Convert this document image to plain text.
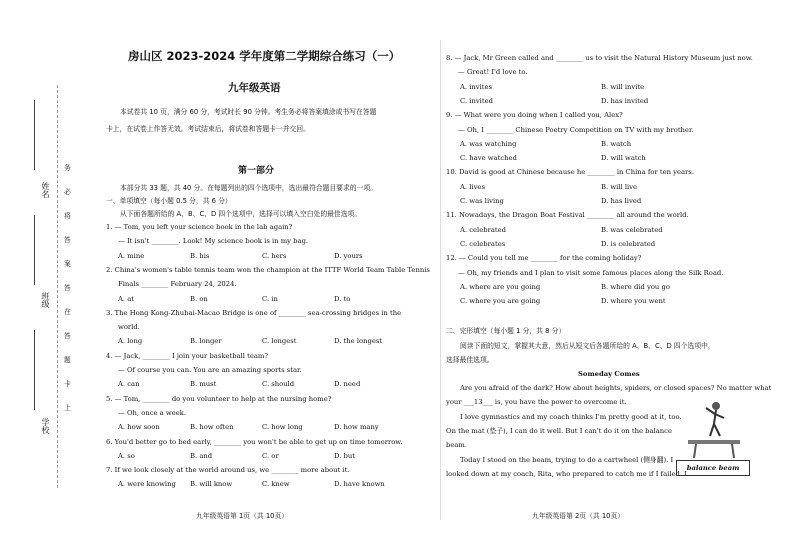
姓名
班级
学校
务
必
将
答
案
答
在
答
题
卡
上
房山区 2023-2024 学年度第二学期综合练习（一）
九年级英语
本试卷共 10 页，满分 60 分，考试时长 90 分钟。考生务必将答案填涂或书写在答题
卡上，在试卷上作答无效。考试结束后，将试卷和答题卡一并交回。
第一部分
本部分共 33 题，共 40 分。在每题列出的四个选项中，选出最符合题目要求的一项。
一、单项填空（每小题 0.5 分，共 6 分）
从下面各题所给的 A、B、C、D 四个选项中，选择可以填入空白处的最佳选项。
1. — Tom, you left your science book in the lab again?
— It isn't ________. Look! My science book is in my bag.
A. mine	B. his	C. hers	D. yours
2. China's women's table tennis team won the champion at the ITTF World Team Table Tennis
Finals ________ February 24, 2024.
A. at	B. on	C. in	D. to
3. The Hong Kong-Zhuhai-Macao Bridge is one of ________ sea-crossing bridges in the
world.
A. long	B. longer	C. longest	D. the longest
4. — Jack, ________ I join your basketball team?
— Of course you can. You are an amazing sports star.
A. can	B. must	C. should	D. need
5. — Tom, ________ do you volunteer to help at the nursing home?
— Oh, once a week.
A. how soon	B. how often	C. how long	D. how many
6. You'd better go to bed early, ________ you won't be able to get up on time tomorrow.
A. so	B. and	C. or	D. but
7. If we look closely at the world around us, we ________ more about it.
A. were knowing B. will know	C. knew	D. have known
8. — Jack, Mr Green called and ________ us to visit the Natural History Museum just now.
— Great! I'd love to.
A. invites	B. will invite
C. invited	D. has invited
9. — What were you doing when I called you, Alex?
— Oh, I ________ Chinese Poetry Competition on TV with my brother.
A. was watching	B. watch
C. have watched	D. will watch
10. David is good at Chinese because he ________ in China for ten years.
A. lives	B. will live
C. was living	D. has lived
11. Nowadays, the Dragon Boat Festival ________ all around the world.
A. celebrated	B. was celebrated
C. celebrates	D. is celebrated
12. — Could you tell me ________ for the coming holiday?
— Oh, my friends and I plan to visit some famous places along the Silk Road.
A. where are you going	B. where did you go
C. where you are going	D. where you went
二、完形填空（每小题 1 分，共 8 分）
阅读下面的短文，掌握其大意，然后从短文后各题所给的 A、B、C、D 四个选项中，
选择最佳选项。
Someday Comes
Are you afraid of the dark? How about heights, spiders, or closed spaces? No matter what
your ___13___ is, you have the power to overcome it.
I love gymnastics and my coach thinks I'm pretty good at it, too.
On the mat (垫子), I can do it well. But I can't do it on the balance
beam.
Today I stood on the beam, trying to do a cartwheel (侧身翻). I
looked down at my coach, Rita, who prepared to catch me if I failed. I
balance beam
九年级英语第 1页（共 10页）	九年级英语第 2页（共 10页）
